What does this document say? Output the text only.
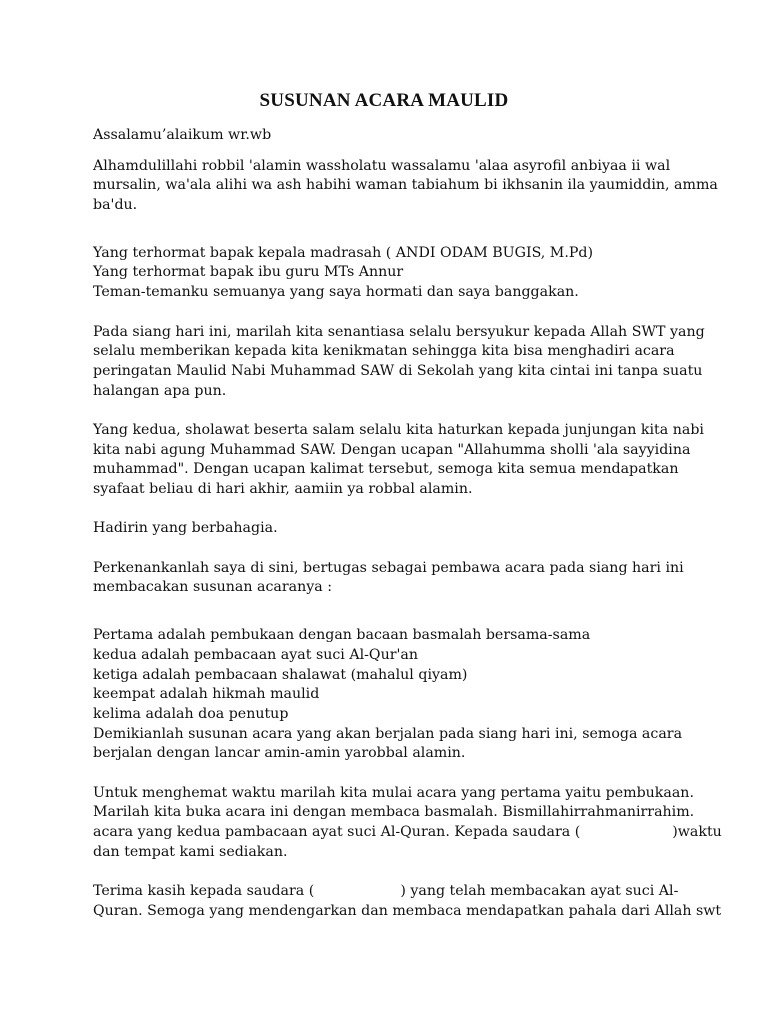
SUSUNAN ACARA MAULID
Assalamu’alaikum wr.wb
Alhamdulillahi robbil 'alamin wassholatu wassalamu 'alaa asyrofil anbiyaa ii wal
mursalin, wa'ala alihi wa ash habihi waman tabiahum bi ikhsanin ila yaumiddin, amma
ba'du.
Yang terhormat bapak kepala madrasah ( ANDI ODAM BUGIS, M.Pd)
Yang terhormat bapak ibu guru MTs Annur
Teman-temanku semuanya yang saya hormati dan saya banggakan.
Pada siang hari ini, marilah kita senantiasa selalu bersyukur kepada Allah SWT yang
selalu memberikan kepada kita kenikmatan sehingga kita bisa menghadiri acara
peringatan Maulid Nabi Muhammad SAW di Sekolah yang kita cintai ini tanpa suatu
halangan apa pun.
Yang kedua, sholawat beserta salam selalu kita haturkan kepada junjungan kita nabi
kita nabi agung Muhammad SAW. Dengan ucapan "Allahumma sholli 'ala sayyidina
muhammad". Dengan ucapan kalimat tersebut, semoga kita semua mendapatkan
syafaat beliau di hari akhir, aamiin ya robbal alamin.
Hadirin yang berbahagia.
Perkenankanlah saya di sini, bertugas sebagai pembawa acara pada siang hari ini
membacakan susunan acaranya :
Pertama adalah pembukaan dengan bacaan basmalah bersama-sama
kedua adalah pembacaan ayat suci Al-Qur'an
ketiga adalah pembacaan shalawat (mahalul qiyam)
keempat adalah hikmah maulid
kelima adalah doa penutup
Demikianlah susunan acara yang akan berjalan pada siang hari ini, semoga acara
berjalan dengan lancar amin-amin yarobbal alamin.
Untuk menghemat waktu marilah kita mulai acara yang pertama yaitu pembukaan.
Marilah kita buka acara ini dengan membaca basmalah. Bismillahirrahmanirrahim.
acara yang kedua pambacaan ayat suci Al-Quran. Kepada saudara (	)waktu
dan tempat kami sediakan.
Terima kasih kepada saudara (	) yang telah membacakan ayat suci Al-
Quran. Semoga yang mendengarkan dan membaca mendapatkan pahala dari Allah swt
